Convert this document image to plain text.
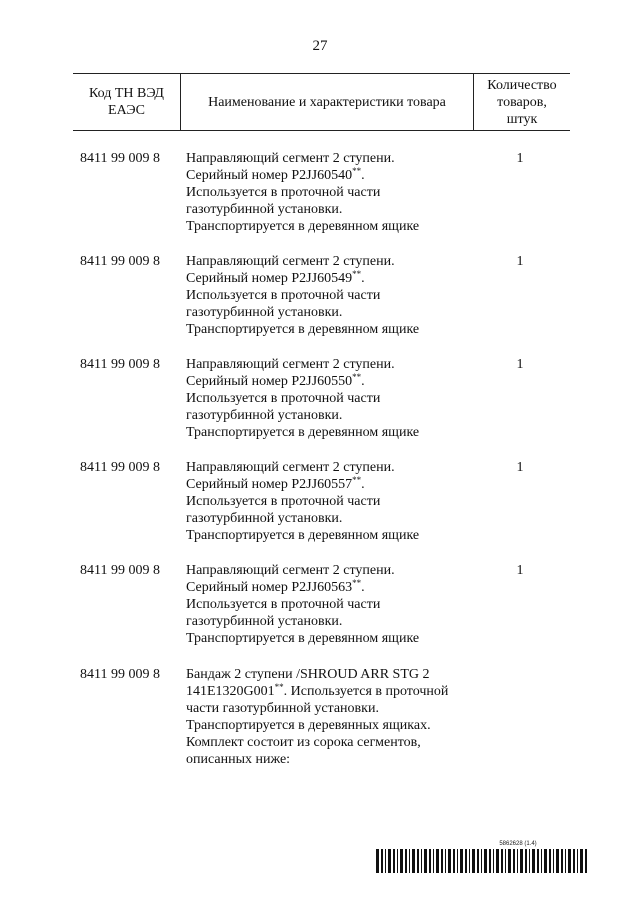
27
Код ТН ВЭД ЕАЭС
Наименование и характеристики товара
Количество товаров, штук
8411 99 009 8 Направляющий сегмент 2 ступени.
Серийный номер P2JJ60540**.
Используется в проточной части
газотурбинной установки.
Транспортируется в деревянном ящике
1
8411 99 009 8 Направляющий сегмент 2 ступени.
Серийный номер P2JJ60549**.
Используется в проточной части
газотурбинной установки.
Транспортируется в деревянном ящике
1
8411 99 009 8 Направляющий сегмент 2 ступени.
Серийный номер P2JJ60550**.
Используется в проточной части
газотурбинной установки.
Транспортируется в деревянном ящике
1
8411 99 009 8 Направляющий сегмент 2 ступени.
Серийный номер P2JJ60557**.
Используется в проточной части
газотурбинной установки.
Транспортируется в деревянном ящике
1
8411 99 009 8 Направляющий сегмент 2 ступени.
Серийный номер P2JJ60563**.
Используется в проточной части
газотурбинной установки.
Транспортируется в деревянном ящике
1
8411 99 009 8 Бандаж 2 ступени /SHROUD ARR STG 2
141E1320G001**. Используется в проточной
части газотурбинной установки.
Транспортируется в деревянных ящиках.
Комплект состоит из сорока сегментов,
описанных ниже:
5862628 (1.4)
